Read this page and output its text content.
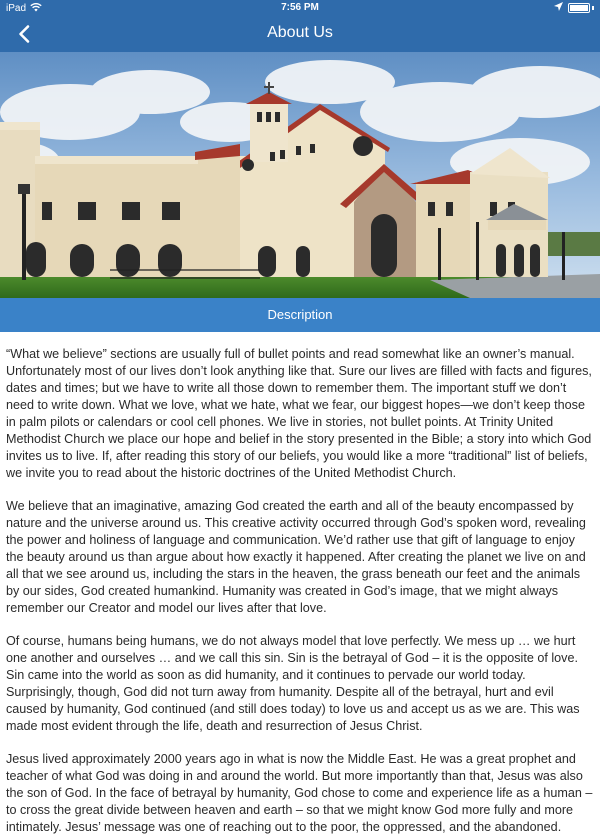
iPad	7:56 PM
About Us
Description

“What we believe” sections are usually full of bullet points and read somewhat like an owner’s manual. Unfortunately most of our lives don’t look anything like that. Sure our lives are filled with facts and figures, dates and times; but we have to write all those down to remember them. The important stuff we don’t need to write down. What we love, what we hate, what we fear, our biggest hopes—we don’t keep those in palm pilots or calendars or cool cell phones. We live in stories, not bullet points. At Trinity United Methodist Church we place our hope and belief in the story presented in the Bible; a story into which God invites us to live. If, after reading this story of our beliefs, you would like a more “traditional” list of beliefs, we invite you to read about the historic doctrines of the United Methodist Church.

We believe that an imaginative, amazing God created the earth and all of the beauty encompassed by nature and the universe around us. This creative activity occurred through God’s spoken word, revealing the power and holiness of language and communication. We’d rather use that gift of language to enjoy the beauty around us than argue about how exactly it happened. After creating the planet we live on and all that we see around us, including the stars in the heaven, the grass beneath our feet and the animals by our sides, God created humankind. Humanity was created in God’s image, that we might always remember our Creator and model our lives after that love.

Of course, humans being humans, we do not always model that love perfectly. We mess up … we hurt one another and ourselves … and we call this sin. Sin is the betrayal of God – it is the opposite of love. Sin came into the world as soon as did humanity, and it continues to pervade our world today. Surprisingly, though, God did not turn away from humanity. Despite all of the betrayal, hurt and evil caused by humanity, God continued (and still does today) to love us and accept us as we are. This was made most evident through the life, death and resurrection of Jesus Christ.

Jesus lived approximately 2000 years ago in what is now the Middle East. He was a great prophet and teacher of what God was doing in and around the world. But more importantly than that, Jesus was also the son of God. In the face of betrayal by humanity, God chose to come and experience life as a human – to cross the great divide between heaven and earth – so that we might know God more fully and more intimately. Jesus’ message was one of reaching out to the poor, the oppressed, and the abandoned.
